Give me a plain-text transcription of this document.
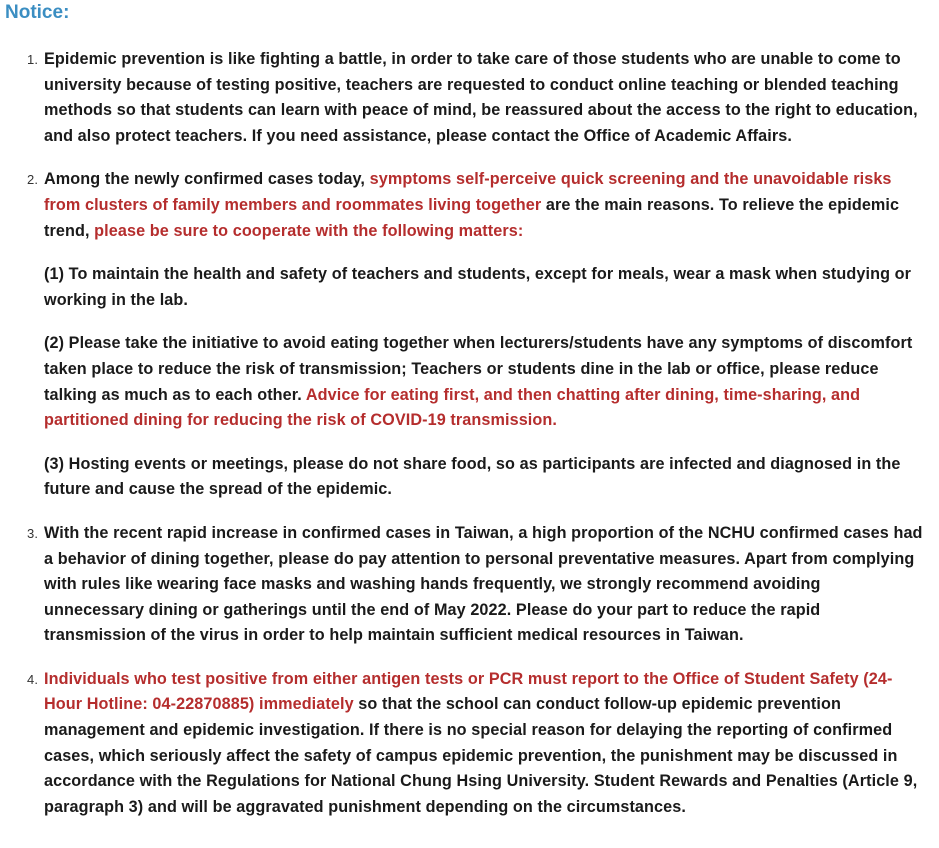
Notice:
1. Epidemic prevention is like fighting a battle, in order to take care of those students who are unable to come to university because of testing positive, teachers are requested to conduct online teaching or blended teaching methods so that students can learn with peace of mind, be reassured about the access to the right to education, and also protect teachers. If you need assistance, please contact the Office of Academic Affairs.

2. Among the newly confirmed cases today, symptoms self-perceive quick screening and the unavoidable risks from clusters of family members and roommates living together are the main reasons. To relieve the epidemic trend, please be sure to cooperate with the following matters:

(1) To maintain the health and safety of teachers and students, except for meals, wear a mask when studying or working in the lab.

(2) Please take the initiative to avoid eating together when lecturers/students have any symptoms of discomfort taken place to reduce the risk of transmission; Teachers or students dine in the lab or office, please reduce talking as much as to each other. Advice for eating first, and then chatting after dining, time-sharing, and partitioned dining for reducing the risk of COVID-19 transmission.

(3) Hosting events or meetings, please do not share food, so as participants are infected and diagnosed in the future and cause the spread of the epidemic.

3. With the recent rapid increase in confirmed cases in Taiwan, a high proportion of the NCHU confirmed cases had a behavior of dining together, please do pay attention to personal preventative measures. Apart from complying with rules like wearing face masks and washing hands frequently, we strongly recommend avoiding unnecessary dining or gatherings until the end of May 2022. Please do your part to reduce the rapid transmission of the virus in order to help maintain sufficient medical resources in Taiwan.

4. Individuals who test positive from either antigen tests or PCR must report to the Office of Student Safety (24-Hour Hotline: 04-22870885) immediately so that the school can conduct follow-up epidemic prevention management and epidemic investigation. If there is no special reason for delaying the reporting of confirmed cases, which seriously affect the safety of campus epidemic prevention, the punishment may be discussed in accordance with the Regulations for National Chung Hsing University. Student Rewards and Penalties (Article 9, paragraph 3) and will be aggravated punishment depending on the circumstances.
